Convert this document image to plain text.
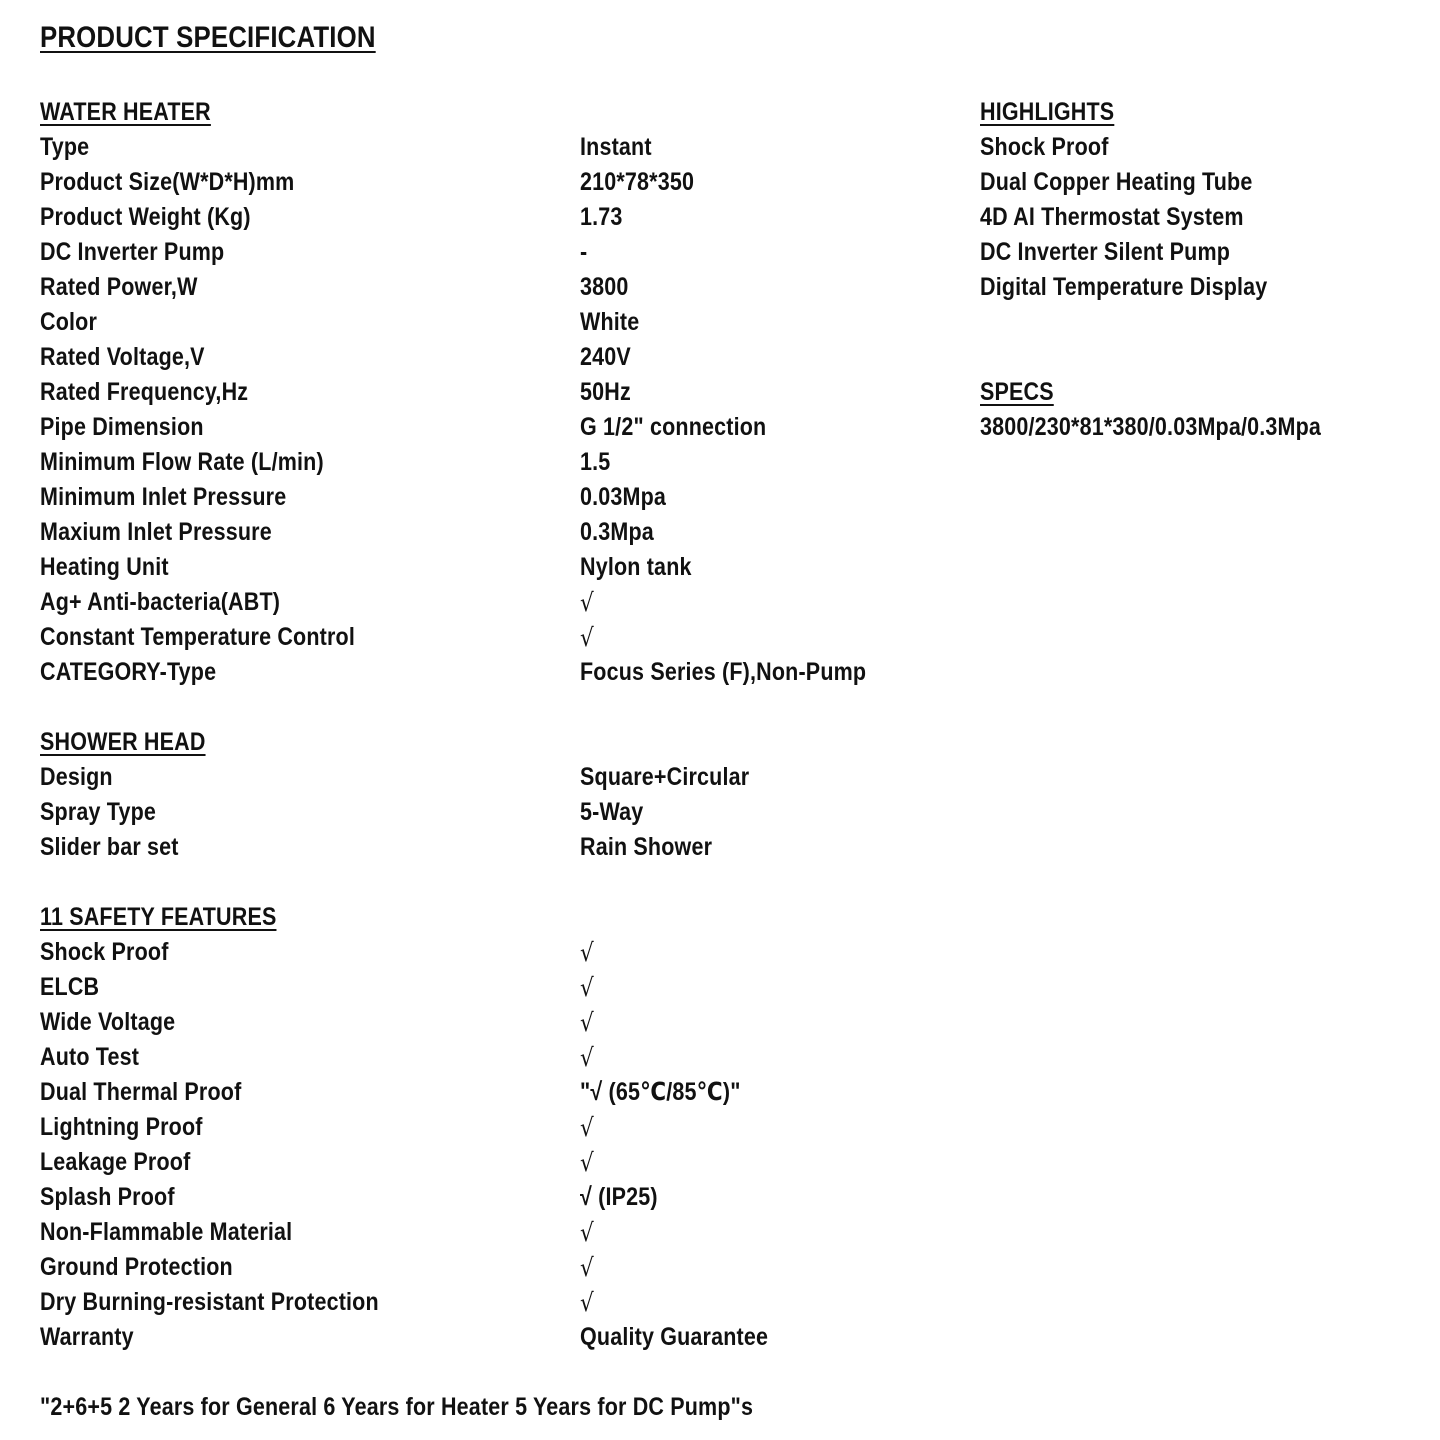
PRODUCT SPECIFICATION
WATER HEATER
Type	Instant
Product Size(W*D*H)mm	210*78*350
Product Weight (Kg)	1.73
DC Inverter Pump	-
Rated Power,W	3800
Color	White
Rated Voltage,V	240V
Rated Frequency,Hz	50Hz
Pipe Dimension	G 1/2" connection
Minimum Flow Rate (L/min)	1.5
Minimum Inlet Pressure	0.03Mpa
Maxium Inlet Pressure	0.3Mpa
Heating Unit	Nylon tank
Ag+ Anti-bacteria(ABT)	√
Constant Temperature Control	√
CATEGORY-Type	Focus Series (F),Non-Pump
SHOWER HEAD
Design	Square+Circular
Spray Type	5-Way
Slider bar set	Rain Shower
11 SAFETY FEATURES
Shock Proof	√
ELCB	√
Wide Voltage	√
Auto Test	√
Dual Thermal Proof	"√ (65℃/85℃)"
Lightning Proof	√
Leakage Proof	√
Splash Proof	√ (IP25)
Non-Flammable Material	√
Ground Protection	√
Dry Burning-resistant Protection	√
Warranty	Quality Guarantee
HIGHLIGHTS
Shock Proof
Dual Copper Heating Tube
4D AI Thermostat System
DC Inverter Silent Pump
Digital Temperature Display
SPECS
3800/230*81*380/0.03Mpa/0.3Mpa
"2+6+5 2 Years for General 6 Years for Heater 5 Years for DC Pump"s
